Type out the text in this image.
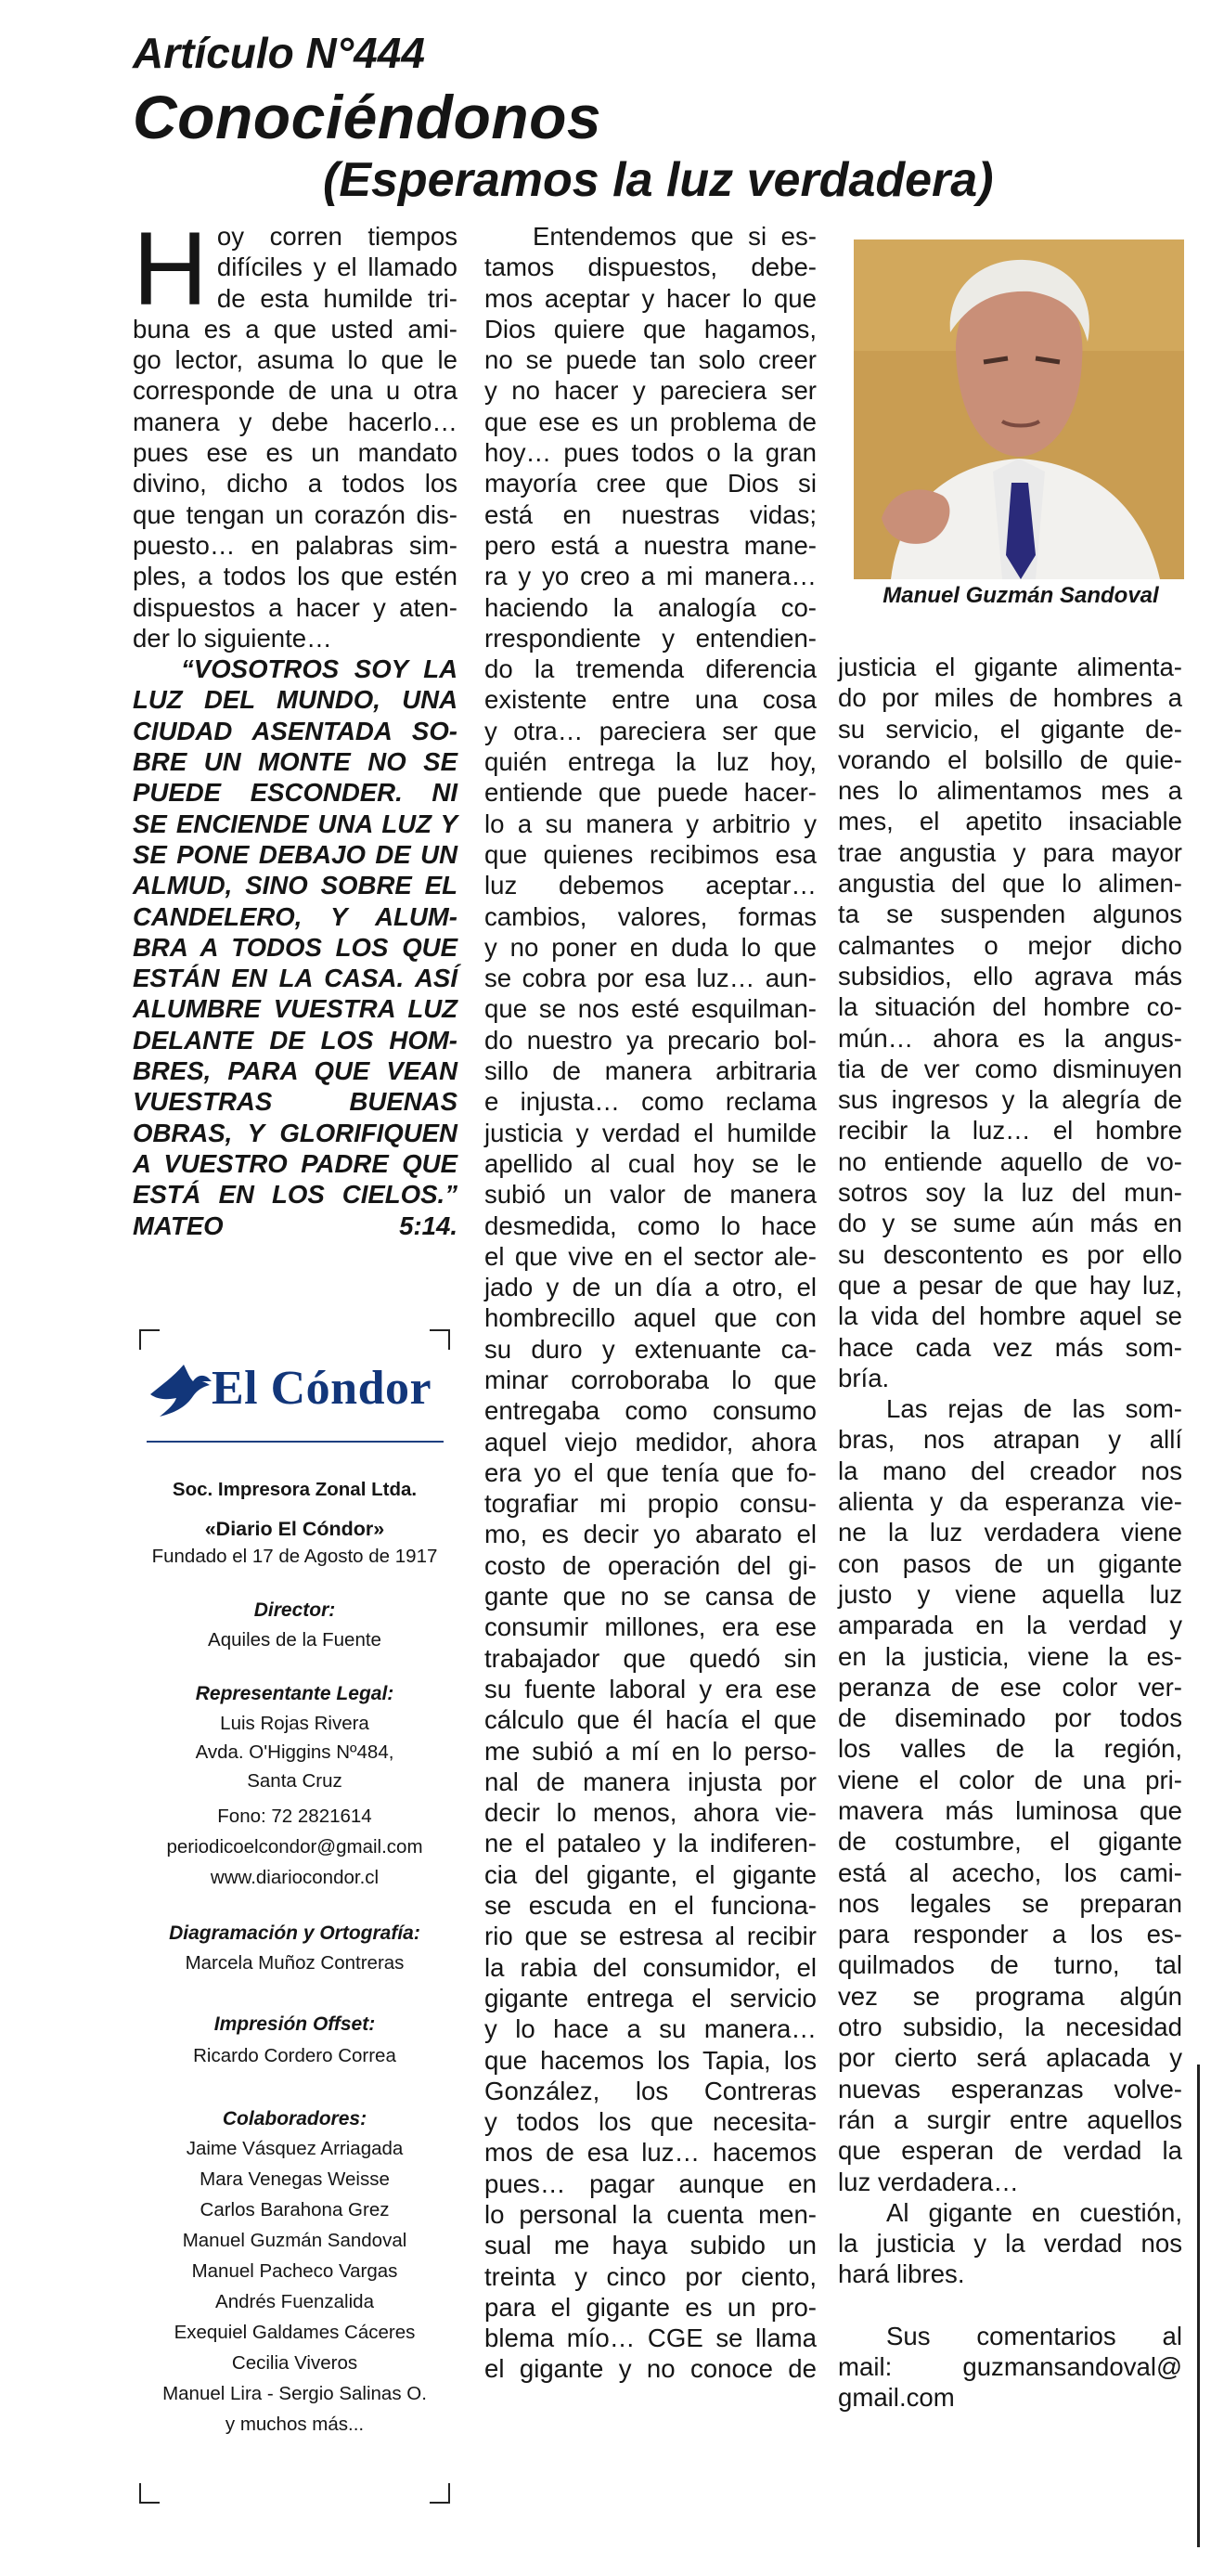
Artículo N°444
Conociéndonos
(Esperamos la luz verdadera)
H oy corren tiempos
difíciles y el llamado
de esta humilde tri-
buna es a que usted ami-
go lector, asuma lo que le
corresponde de una u otra
manera y debe hacerlo…
pues ese es un mandato
divino, dicho a todos los
que tengan un corazón dis-
puesto… en palabras sim-
ples, a todos los que estén
dispuestos a hacer y aten-
der lo siguiente…
“VOSOTROS SOY LA
LUZ DEL MUNDO, UNA
CIUDAD ASENTADA SO-
BRE UN MONTE NO SE
PUEDE ESCONDER. NI
SE ENCIENDE UNA LUZ Y
SE PONE DEBAJO DE UN
ALMUD, SINO SOBRE EL
CANDELERO, Y ALUM-
BRA A TODOS LOS QUE
ESTÁN EN LA CASA. ASÍ
ALUMBRE VUESTRA LUZ
DELANTE DE LOS HOM-
BRES, PARA QUE VEAN
VUESTRAS BUENAS
OBRAS, Y GLORIFIQUEN
A VUESTRO PADRE QUE
ESTÁ EN LOS CIELOS.”
MATEO 5:14.
El Cóndor
Soc. Impresora Zonal Ltda.
«Diario El Cóndor»
Fundado el 17 de Agosto de 1917
Director:
Aquiles de la Fuente
Representante Legal:
Luis Rojas Rivera
Avda. O'Higgins Nº484,
Santa Cruz
Fono: 72 2821614
periodicoelcondor@gmail.com
www.diariocondor.cl
Diagramación y Ortografía:
Marcela Muñoz Contreras
Impresión Offset:
Ricardo Cordero Correa
Colaboradores:
Jaime Vásquez Arriagada
Mara Venegas Weisse
Carlos Barahona Grez
Manuel Guzmán Sandoval
Manuel Pacheco Vargas
Andrés Fuenzalida
Exequiel Galdames Cáceres
Cecilia Viveros
Manuel Lira - Sergio Salinas O.
y muchos más...
Entendemos que si es-
tamos dispuestos, debe-
mos aceptar y hacer lo que
Dios quiere que hagamos,
no se puede tan solo creer
y no hacer y pareciera ser
que ese es un problema de
hoy… pues todos o la gran
mayoría cree que Dios si
está en nuestras vidas;
pero está a nuestra mane-
ra y yo creo a mi manera…
haciendo la analogía co-
rrespondiente y entendien-
do la tremenda diferencia
existente entre una cosa
y otra… pareciera ser que
quién entrega la luz hoy,
entiende que puede hacer-
lo a su manera y arbitrio y
que quienes recibimos esa
luz debemos aceptar…
cambios, valores, formas
y no poner en duda lo que
se cobra por esa luz… aun-
que se nos esté esquilman-
do nuestro ya precario bol-
sillo de manera arbitraria
e injusta… como reclama
justicia y verdad el humilde
apellido al cual hoy se le
subió un valor de manera
desmedida, como lo hace
el que vive en el sector ale-
jado y de un día a otro, el
hombrecillo aquel que con
su duro y extenuante ca-
minar corroboraba lo que
entregaba como consumo
aquel viejo medidor, ahora
era yo el que tenía que fo-
tografiar mi propio consu-
mo, es decir yo abarato el
costo de operación del gi-
gante que no se cansa de
consumir millones, era ese
trabajador que quedó sin
su fuente laboral y era ese
cálculo que él hacía el que
me subió a mí en lo perso-
nal de manera injusta por
decir lo menos, ahora vie-
ne el pataleo y la indiferen-
cia del gigante, el gigante
se escuda en el funciona-
rio que se estresa al recibir
la rabia del consumidor, el
gigante entrega el servicio
y lo hace a su manera…
que hacemos los Tapia, los
González, los Contreras
y todos los que necesita-
mos de esa luz… hacemos
pues… pagar aunque en
lo personal la cuenta men-
sual me haya subido un
treinta y cinco por ciento,
para el gigante es un pro-
blema mío… CGE se llama
el gigante y no conoce de
Manuel Guzmán Sandoval
justicia el gigante alimenta-
do por miles de hombres a
su servicio, el gigante de-
vorando el bolsillo de quie-
nes lo alimentamos mes a
mes, el apetito insaciable
trae angustia y para mayor
angustia del que lo alimen-
ta se suspenden algunos
calmantes o mejor dicho
subsidios, ello agrava más
la situación del hombre co-
mún… ahora es la angus-
tia de ver como disminuyen
sus ingresos y la alegría de
recibir la luz… el hombre
no entiende aquello de vo-
sotros soy la luz del mun-
do y se sume aún más en
su descontento es por ello
que a pesar de que hay luz,
la vida del hombre aquel se
hace cada vez más som-
bría.
Las rejas de las som-
bras, nos atrapan y allí
la mano del creador nos
alienta y da esperanza vie-
ne la luz verdadera viene
con pasos de un gigante
justo y viene aquella luz
amparada en la verdad y
en la justicia, viene la es-
peranza de ese color ver-
de diseminado por todos
los valles de la región,
viene el color de una pri-
mavera más luminosa que
de costumbre, el gigante
está al acecho, los cami-
nos legales se preparan
para responder a los es-
quilmados de turno, tal
vez se programa algún
otro subsidio, la necesidad
por cierto será aplacada y
nuevas esperanzas volve-
rán a surgir entre aquellos
que esperan de verdad la
luz verdadera…
Al gigante en cuestión,
la justicia y la verdad nos
hará libres.
Sus comentarios al
mail: guzmansandoval@
gmail.com
